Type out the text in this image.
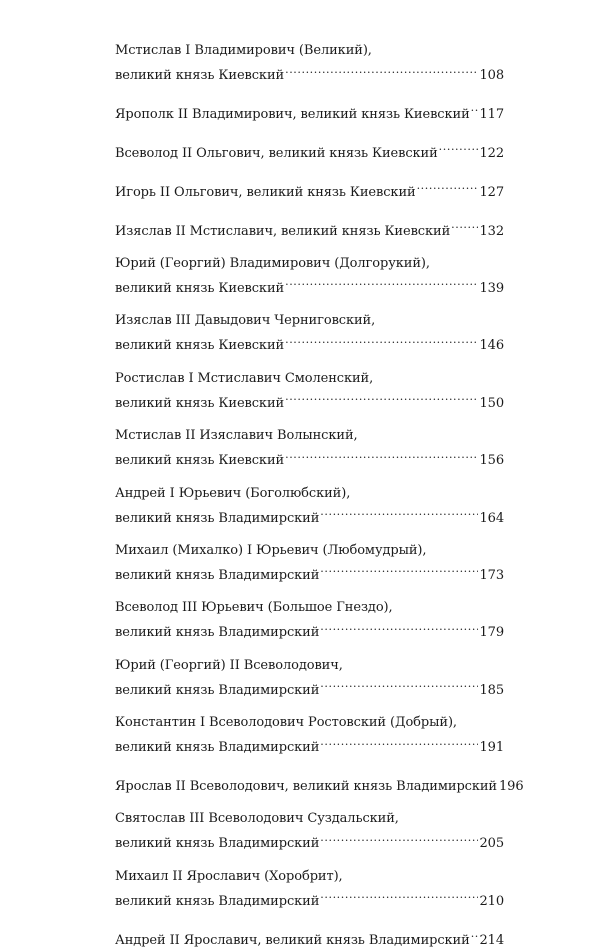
Мстислав I Владимирович (Великий),
великий князь Киевский .....	108
Ярополк II Владимирович, великий князь Киевский ..... 117
Всеволод II Ольгович, великий князь Киевский .....	122
Игорь II Ольгович, великий князь Киевский .....	127
Изяслав II Мстиславич, великий князь Киевский ..... 132
Юрий (Георгий) Владимирович (Долгорукий),
великий князь Киевский .....	139
Изяслав III Давыдович Черниговский,
великий князь Киевский .....	146
Ростислав I Мстиславич Смоленский,
великий князь Киевский .....	150
Мстислав II Изяславич Волынский,
великий князь Киевский .....	156
Андрей I Юрьевич (Боголюбский),
великий князь Владимирский .....	164
Михаил (Михалко) I Юрьевич (Любомудрый),
великий князь Владимирский .....	173
Всеволод III Юрьевич (Большое Гнездо),
великий князь Владимирский .....	179
Юрий (Георгий) II Всеволодович,
великий князь Владимирский .....	185
Константин I Всеволодович Ростовский (Добрый),
великий князь Владимирский .....	191
Ярослав II Всеволодович, великий князь Владимирский 196
Святослав III Всеволодович Суздальский,
великий князь Владимирский .....	205
Михаил II Ярославич (Хоробрит),
великий князь Владимирский .....	210
Андрей II Ярославич, великий князь Владимирский ..... 214
